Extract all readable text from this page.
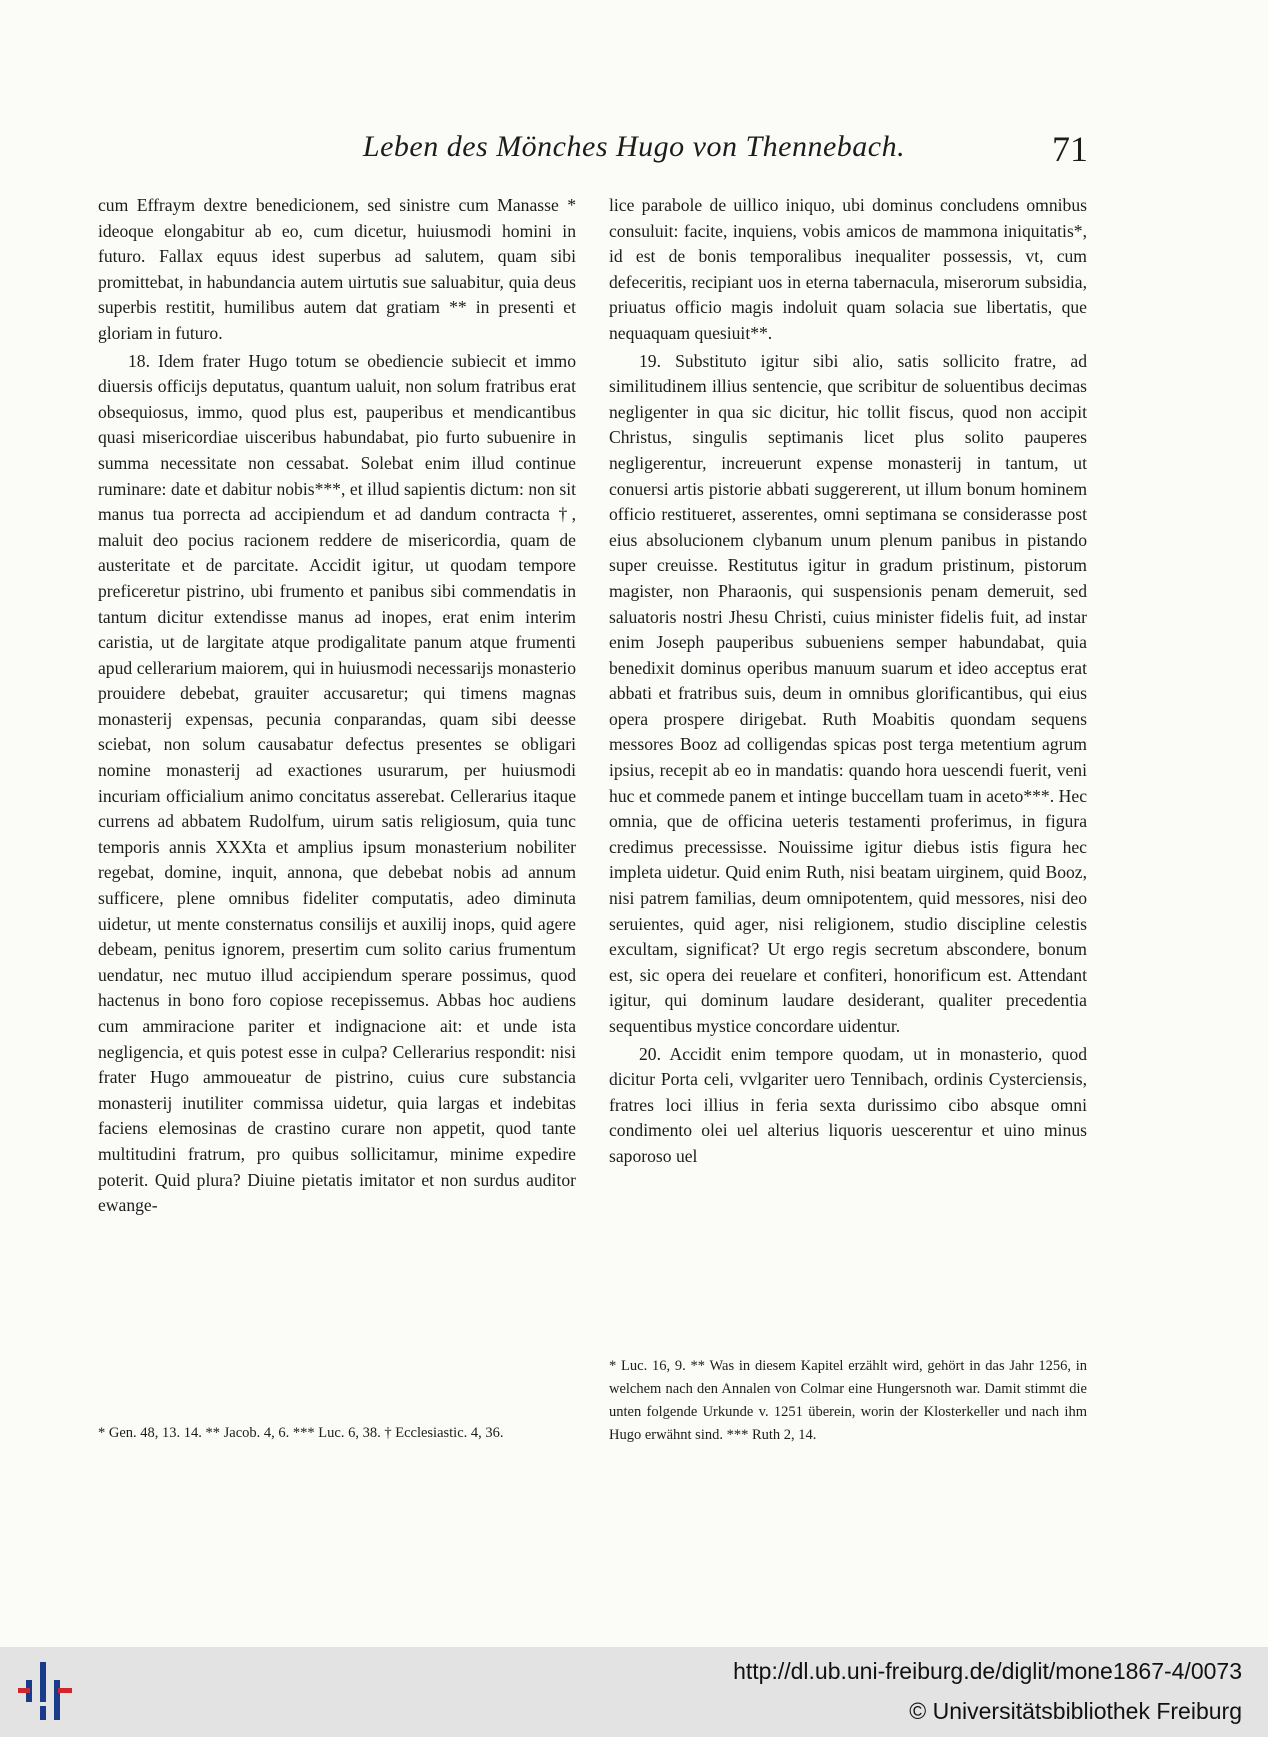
Leben des Mönches Hugo von Thennebach.	71

cum Effraym dextre benedicionem, sed sinistre cum Manasse * ideoque elongabitur ab eo, cum dicetur, huiusmodi homini in futuro. Fallax equus idest superbus ad salutem, quam sibi promittebat, in habundancia autem uirtutis sue saluabitur, quia deus superbis restitit, humilibus autem dat gratiam ** in presenti et gloriam in futuro.

18. Idem frater Hugo totum se obediencie subiecit et immo diuersis officijs deputatus, quantum ualuit, non solum fratribus erat obsequiosus, immo, quod plus est, pauperibus et mendicantibus quasi misericordiae uisceribus habundabat, pio furto subuenire in summa necessitate non cessabat. Solebat enim illud continue ruminare: date et dabitur nobis***, et illud sapientis dictum: non sit manus tua porrecta ad accipiendum et ad dandum contracta †, maluit deo pocius racionem reddere de misericordia, quam de austeritate et de parcitate. Accidit igitur, ut quodam tempore preficeretur pistrino, ubi frumento et panibus sibi commendatis in tantum dicitur extendisse manus ad inopes, erat enim interim caristia, ut de largitate atque prodigalitate panum atque frumenti apud cellerarium maiorem, qui in huiusmodi necessarijs monasterio prouidere debebat, grauiter accusaretur; qui timens magnas monasterij expensas, pecunia conparandas, quam sibi deesse sciebat, non solum causabatur defectus presentes se obligari nomine monasterij ad exactiones usurarum, per huiusmodi incuriam officialium animo concitatus asserebat. Cellerarius itaque currens ad abbatem Rudolfum, uirum satis religiosum, quia tunc temporis annis XXXta et amplius ipsum monasterium nobiliter regebat, domine, inquit, annona, que debebat nobis ad annum sufficere, plene omnibus fideliter computatis, adeo diminuta uidetur, ut mente consternatus consilijs et auxilij inops, quid agere debeam, penitus ignorem, presertim cum solito carius frumentum uendatur, nec mutuo illud accipiendum sperare possimus, quod hactenus in bono foro copiose recepissemus. Abbas hoc audiens cum ammiracione pariter et indignacione ait: et unde ista negligencia, et quis potest esse in culpa? Cellerarius respondit: nisi frater Hugo ammoueatur de pistrino, cuius cure substancia monasterij inutiliter commissa uidetur, quia largas et indebitas faciens elemosinas de crastino curare non appetit, quod tante multitudini fratrum, pro quibus sollicitamur, minime expedire poterit. Quid plura? Diuine pietatis imitator et non surdus auditor ewange-

lice parabole de uillico iniquo, ubi dominus concludens omnibus consuluit: facite, inquiens, vobis amicos de mammona iniquitatis*, id est de bonis temporalibus inequaliter possessis, vt, cum defeceritis, recipiant uos in eterna tabernacula, miserorum subsidia, priuatus officio magis indoluit quam solacia sue libertatis, que nequaquam quesiuit**.

19. Substituto igitur sibi alio, satis sollicito fratre, ad similitudinem illius sentencie, que scribitur de soluentibus decimas negligenter in qua sic dicitur, hic tollit fiscus, quod non accipit Christus, singulis septimanis licet plus solito pauperes negligerentur, increuerunt expense monasterij in tantum, ut conuersi artis pistorie abbati suggererent, ut illum bonum hominem officio restitueret, asserentes, omni septimana se considerasse post eius absolucionem clybanum unum plenum panibus in pistando super creuisse. Restitutus igitur in gradum pristinum, pistorum magister, non Pharaonis, qui suspensionis penam demeruit, sed saluatoris nostri Jhesu Christi, cuius minister fidelis fuit, ad instar enim Joseph pauperibus subueniens semper habundabat, quia benedixit dominus operibus manuum suarum et ideo acceptus erat abbati et fratribus suis, deum in omnibus glorificantibus, qui eius opera prospere dirigebat. Ruth Moabitis quondam sequens messores Booz ad colligendas spicas post terga metentium agrum ipsius, recepit ab eo in mandatis: quando hora uescendi fuerit, veni huc et commede panem et intinge buccellam tuam in aceto***. Hec omnia, que de officina ueteris testamenti proferimus, in figura credimus precessisse. Nouissime igitur diebus istis figura hec impleta uidetur. Quid enim Ruth, nisi beatam uirginem, quid Booz, nisi patrem familias, deum omnipotentem, quid messores, nisi deo seruientes, quid ager, nisi religionem, studio discipline celestis excultam, significat? Ut ergo regis secretum abscondere, bonum est, sic opera dei reuelare et confiteri, honorificum est. Attendant igitur, qui dominum laudare desiderant, qualiter precedentia sequentibus mystice concordare uidentur.

20. Accidit enim tempore quodam, ut in monasterio, quod dicitur Porta celi, vvlgariter uero Tennibach, ordinis Cysterciensis, fratres loci illius in feria sexta durissimo cibo absque omni condimento olei uel alterius liquoris uescerentur et uino minus saporoso uel

* Gen. 48, 13. 14. ** Jacob. 4, 6. *** Luc. 6, 38. † Ecclesiastic. 4, 36.
* Luc. 16, 9. ** Was in diesem Kapitel erzählt wird, gehört in das Jahr 1256, in welchem nach den Annalen von Colmar eine Hungersnoth war. Damit stimmt die unten folgende Urkunde v. 1251 überein, worin der Klosterkeller und nach ihm Hugo erwähnt sind. *** Ruth 2, 14.
http://dl.ub.uni-freiburg.de/diglit/mone1867-4/0073
© Universitätsbibliothek Freiburg
